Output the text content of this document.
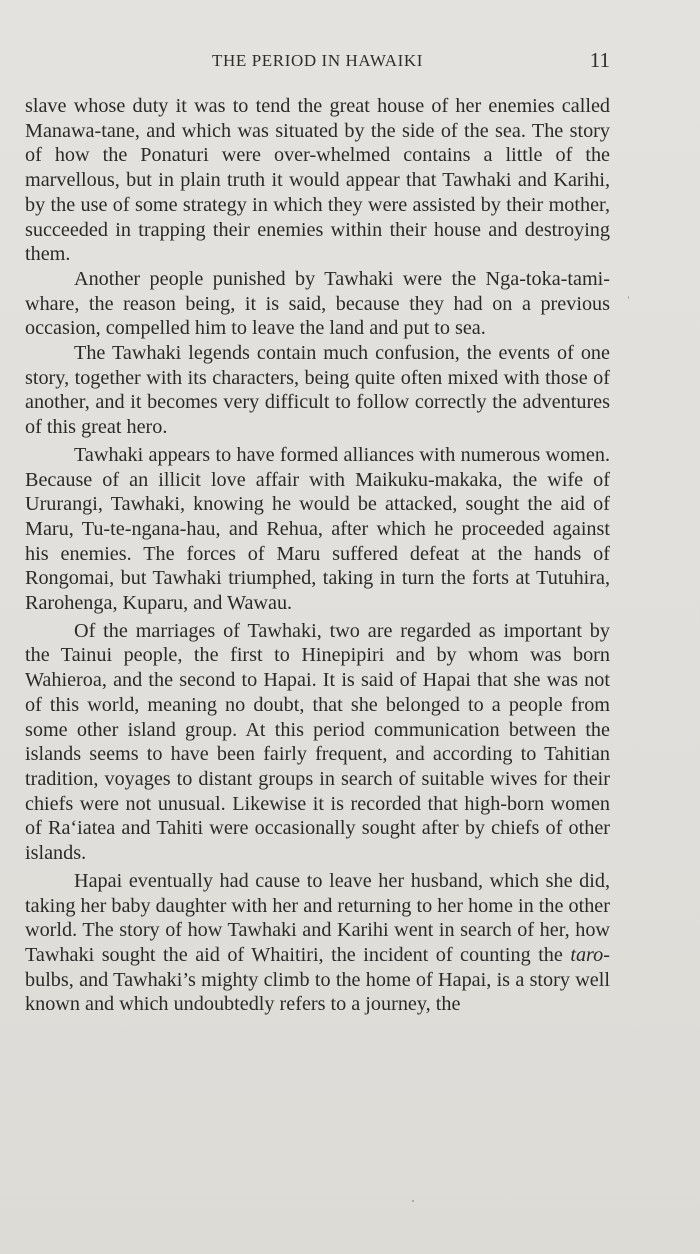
THE PERIOD IN HAWAIKI	11

slave whose duty it was to tend the great house of her enemies called Manawa-tane, and which was situated by the side of the sea. The story of how the Ponaturi were over-whelmed contains a little of the marvellous, but in plain truth it would appear that Tawhaki and Karihi, by the use of some strategy in which they were assisted by their mother, succeeded in trapping their enemies within their house and destroying them.

Another people punished by Tawhaki were the Nga-toka-tami-whare, the reason being, it is said, because they had on a previous occasion, compelled him to leave the land and put to sea.

The Tawhaki legends contain much confusion, the events of one story, together with its characters, being quite often mixed with those of another, and it becomes very difficult to follow correctly the adventures of this great hero.

Tawhaki appears to have formed alliances with numerous women. Because of an illicit love affair with Maikuku-makaka, the wife of Ururangi, Tawhaki, knowing he would be attacked, sought the aid of Maru, Tu-te-ngana-hau, and Rehua, after which he proceeded against his enemies. The forces of Maru suffered defeat at the hands of Rongomai, but Tawhaki triumphed, taking in turn the forts at Tutuhira, Rarohenga, Kuparu, and Wawau.

Of the marriages of Tawhaki, two are regarded as important by the Tainui people, the first to Hinepipiri and by whom was born Wahieroa, and the second to Hapai. It is said of Hapai that she was not of this world, meaning no doubt, that she belonged to a people from some other island group. At this period communication between the islands seems to have been fairly frequent, and according to Tahitian tradition, voyages to distant groups in search of suitable wives for their chiefs were not unusual. Likewise it is recorded that high-born women of Ra‘iatea and Tahiti were occasionally sought after by chiefs of other islands.

Hapai eventually had cause to leave her husband, which she did, taking her baby daughter with her and returning to her home in the other world. The story of how Tawhaki and Karihi went in search of her, how Tawhaki sought the aid of Whaitiri, the incident of counting the taro-bulbs, and Tawhaki’s mighty climb to the home of Hapai, is a story well known and which undoubtedly refers to a journey, the
